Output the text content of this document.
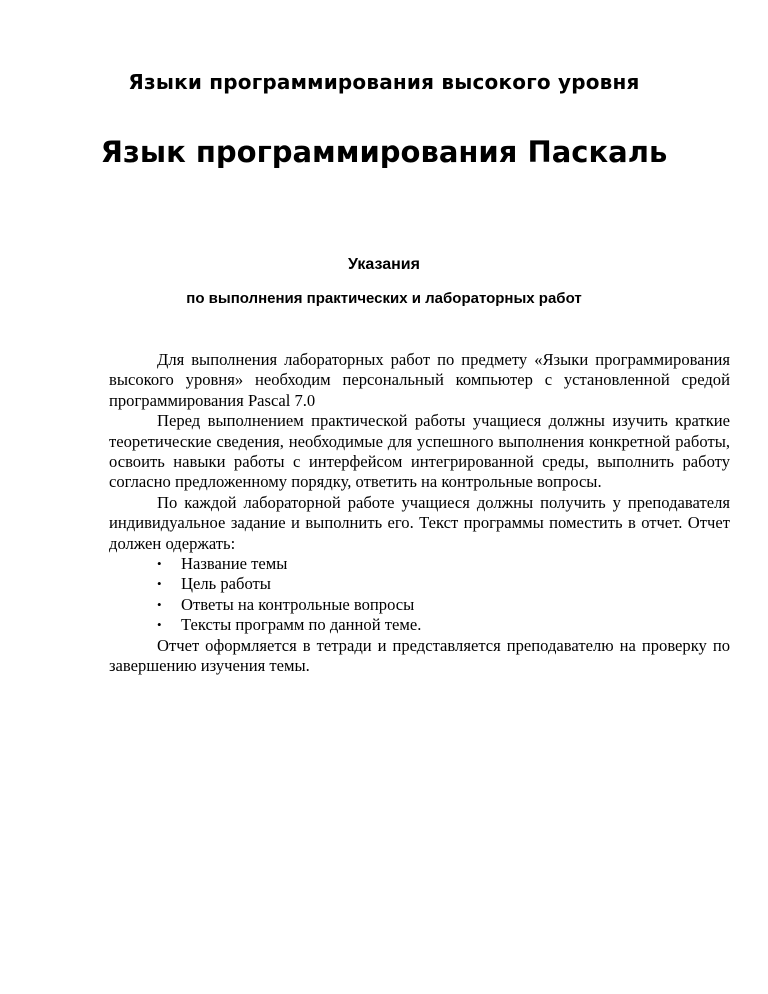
Языки программирования высокого уровня
Язык программирования Паскаль
Указания
по выполнения практических и лабораторных работ

Для выполнения лабораторных работ по предмету «Языки программирования высокого уровня» необходим персональный компьютер с установленной средой программирования Pascal 7.0

Перед выполнением практической работы учащиеся должны изучить краткие теоретические сведения, необходимые для успешного выполнения конкретной работы, освоить навыки работы с интерфейсом интегрированной среды, выполнить работу согласно предложенному порядку, ответить на контрольные вопросы.

По каждой лабораторной работе учащиеся должны получить у преподавателя индивидуальное задание и выполнить его. Текст программы поместить в отчет. Отчет должен одержать:

• Название темы
• Цель работы
• Ответы на контрольные вопросы
• Тексты программ по данной теме.

Отчет оформляется в тетради и представляется преподавателю на проверку по завершению изучения темы.
